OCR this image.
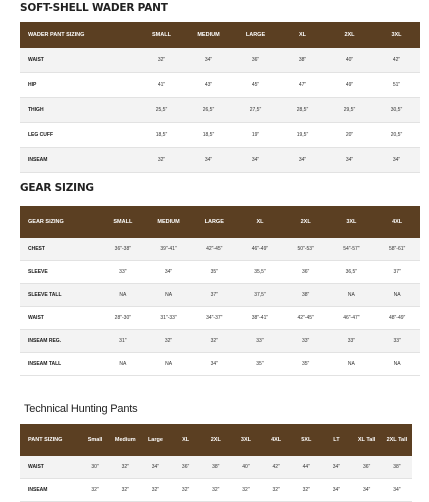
SOFT-SHELL WADER PANT
WADER PANT SIZING	SMALL	MEDIUM	LARGE	XL	2XL	3XL
WAIST	32"	34"	36"	38"	40"	42"
HIP	41"	43"	45"	47"	49"	51"
THIGH	25,5"	26,5"	27,5"	28,5"	29,5"	30,5"
LEG CUFF	18,5"	18,5"	19"	19,5"	20"	20,5"
INSEAM	32"	34"	34"	34"	34"	34"
GEAR SIZING
GEAR SIZING	SMALL	MEDIUM	LARGE	XL	2XL	3XL	4XL
CHEST	36"-38"	39"-41"	42"-45"	46"-49"	50"-53"	54"-57"	58"-61"
SLEEVE	33"	34"	35"	35,5"	36"	36,5"	37"
SLEEVE TALL	NA	NA	37"	37,5"	38"	NA	NA
WAIST	28"-30"	31"-33"	34"-37"	38"-41"	42"-45"	46"-47"	48"-49"
INSEAM REG.	31"	32"	32"	33"	33"	33"	33"
INSEAM TALL	NA	NA	34"	35"	35"	NA	NA
Technical Hunting Pants
PANT SIZING	Small	Medium	Large	XL	2XL	3XL	4XL	5XL	LT	XL Tall	2XL Tall
WAIST	30"	32"	34"	36"	38"	40"	42"	44"	34"	36"	38"
INSEAM	32"	32"	32"	32"	32"	32"	32"	32"	34"	34"	34"
